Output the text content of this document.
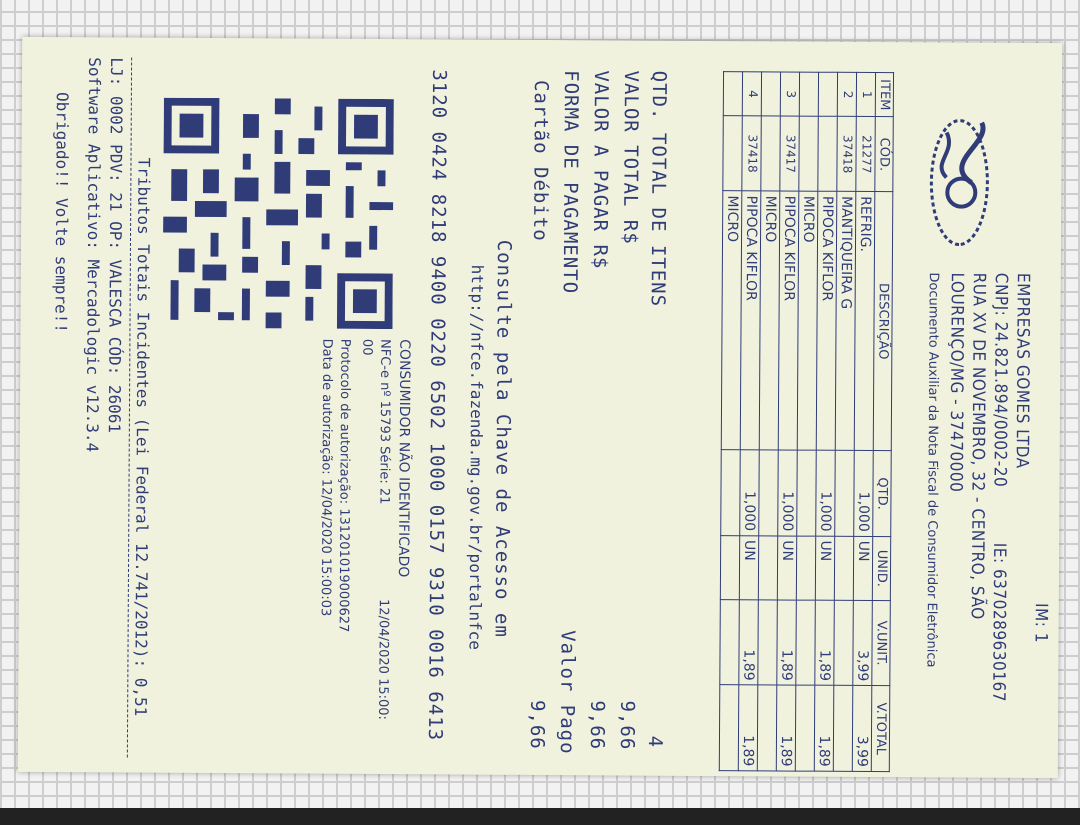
IM: 1
EMPRESAS GOMES LTDA
CNPJ: 24.821.894/0002-20
IE: 6370289630167
RUA XV DE NOVEMBRO, 32 - CENTRO, SÃO
LOURENÇO/MG - 37470000
Documento Auxiliar da Nota Fiscal de Consumidor Eletrônica
ITEM	CÓD.	DESCRIÇÃO	QTD.	UNID.	V.UNIT.	V.TOTAL
1	21277	REFRIG.	1,000	UN	3,99	3,99
2	37418	MANTIQUEIRA G				
		PIPOCA KIFLOR	1,000	UN	1,89	1,89
		MICRO				
3	37417	PIPOCA KIFLOR	1,000	UN	1,89	1,89
		MICRO				
4	37418	PIPOCA KIFLOR	1,000	UN	1,89	1,89
		MICRO				
QTD. TOTAL DE ITENS
4
VALOR TOTAL R$
9,66
VALOR A PAGAR R$
9,66
FORMA DE PAGAMENTO
Valor Pago
Cartão Débito
9,66
Consulte pela Chave de Acesso em
http://nfce.fazenda.mg.gov.br/portalnfce
3120 0424 8218 9400 0220 6502 1000 0157 9310 0016 6413
CONSUMIDOR NÃO IDENTIFICADO
NFC-e nº 15793 Série: 21
12/04/2020 15:00:
00
Protocolo de autorização: 131201019000627
Data de autorização: 12/04/2020 15:00:03
Tributos Totais Incidentes (Lei Federal 12.741/2012): 0,51
LJ: 0002 PDV: 21 OP: VALESCA CÓD: 26061
Software Aplicativo: Mercadologic v12.3.4
Obrigado!! Volte sempre!!
